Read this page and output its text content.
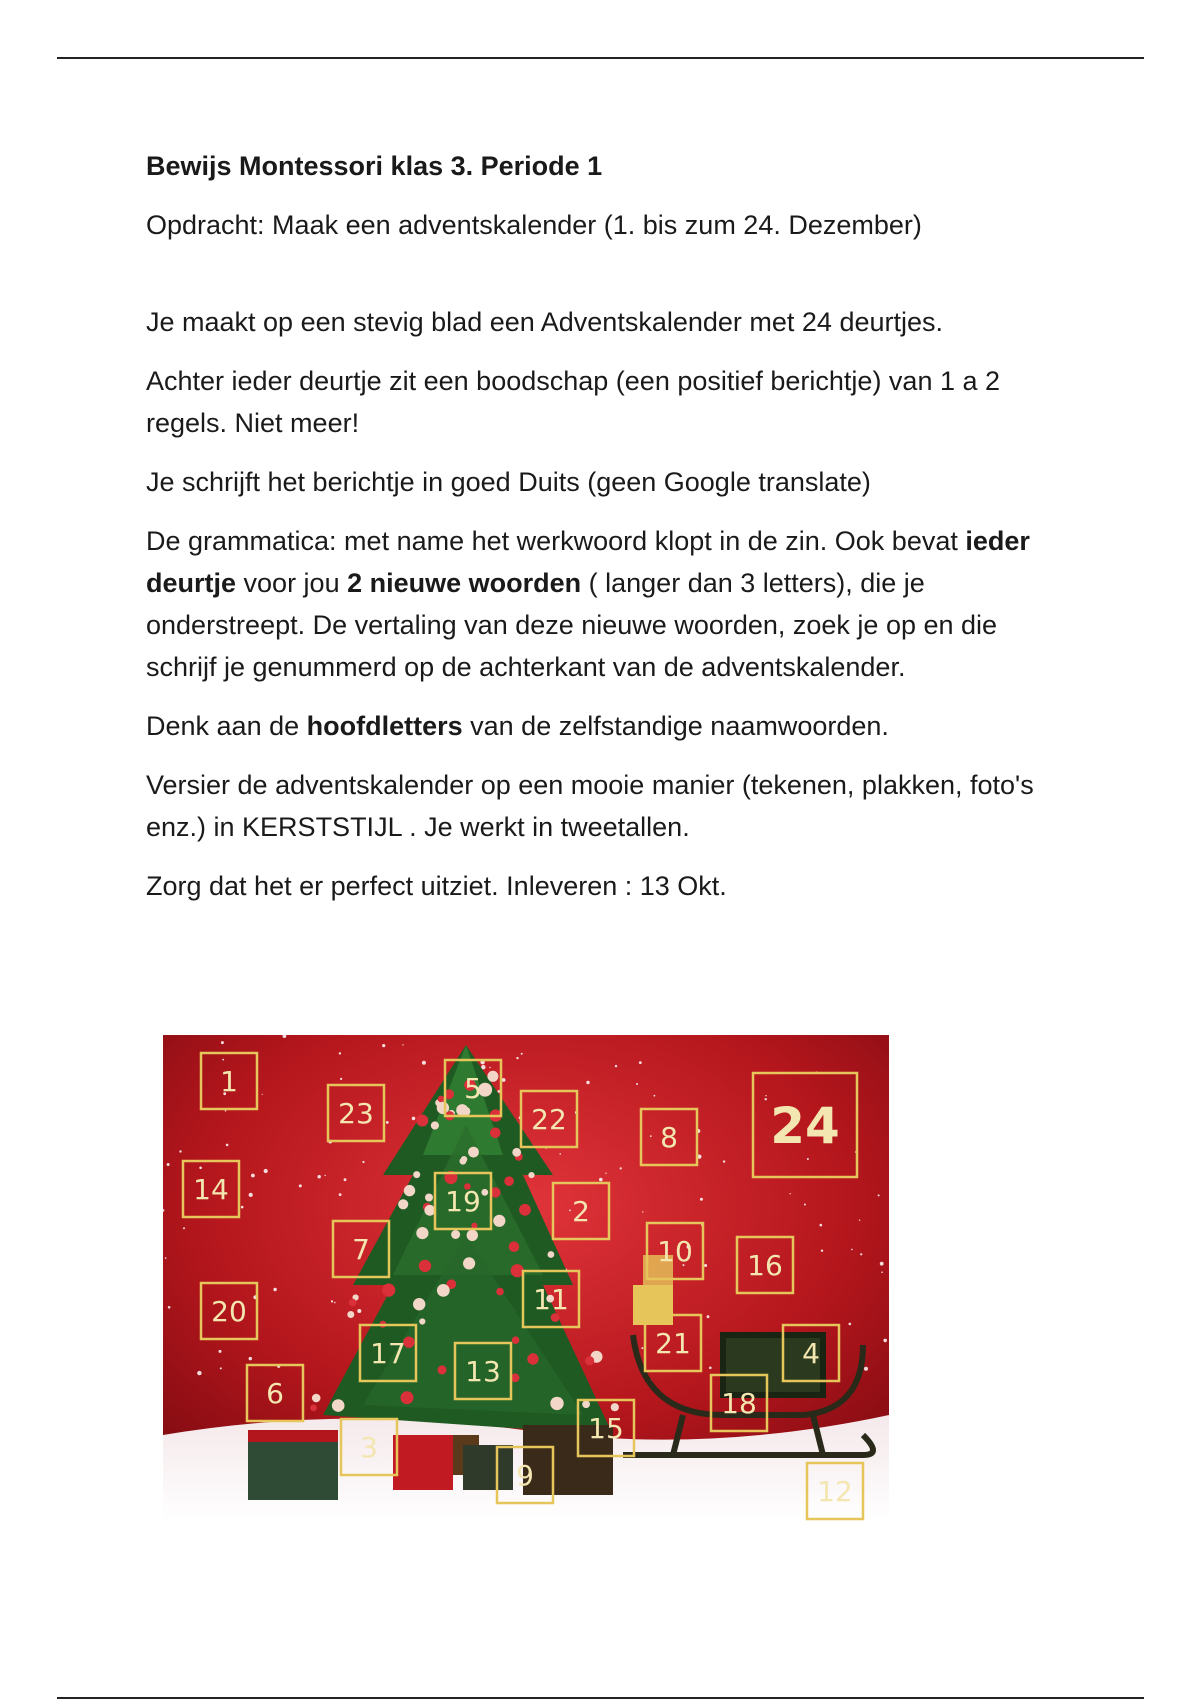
Bewijs Montessori klas 3. Periode 1

Opdracht: Maak een adventskalender (1. bis zum 24. Dezember)

Je maakt op een stevig blad een Adventskalender met 24 deurtjes.

Achter ieder deurtje zit een boodschap (een positief berichtje) van 1 a 2 regels. Niet meer!

Je schrijft het berichtje in goed Duits (geen Google translate)

De grammatica: met name het werkwoord klopt in de zin. Ook bevat ieder deurtje voor jou 2 nieuwe woorden ( langer dan 3 letters), die je onderstreept. De vertaling van deze nieuwe woorden, zoek je op en die schrijf je genummerd op de achterkant van de adventskalender.

Denk aan de hoofdletters van de zelfstandige naamwoorden.

Versier de adventskalender op een mooie manier (tekenen, plakken, foto's enz.) in KERSTSTIJL . Je werkt in tweetallen.

Zorg dat het er perfect uitziet. Inleveren : 13 Okt.

1
23
5
22
8 24
14	19	2
7	10 16
20	11
17
13
21	4
6	18
15
3
9	12
